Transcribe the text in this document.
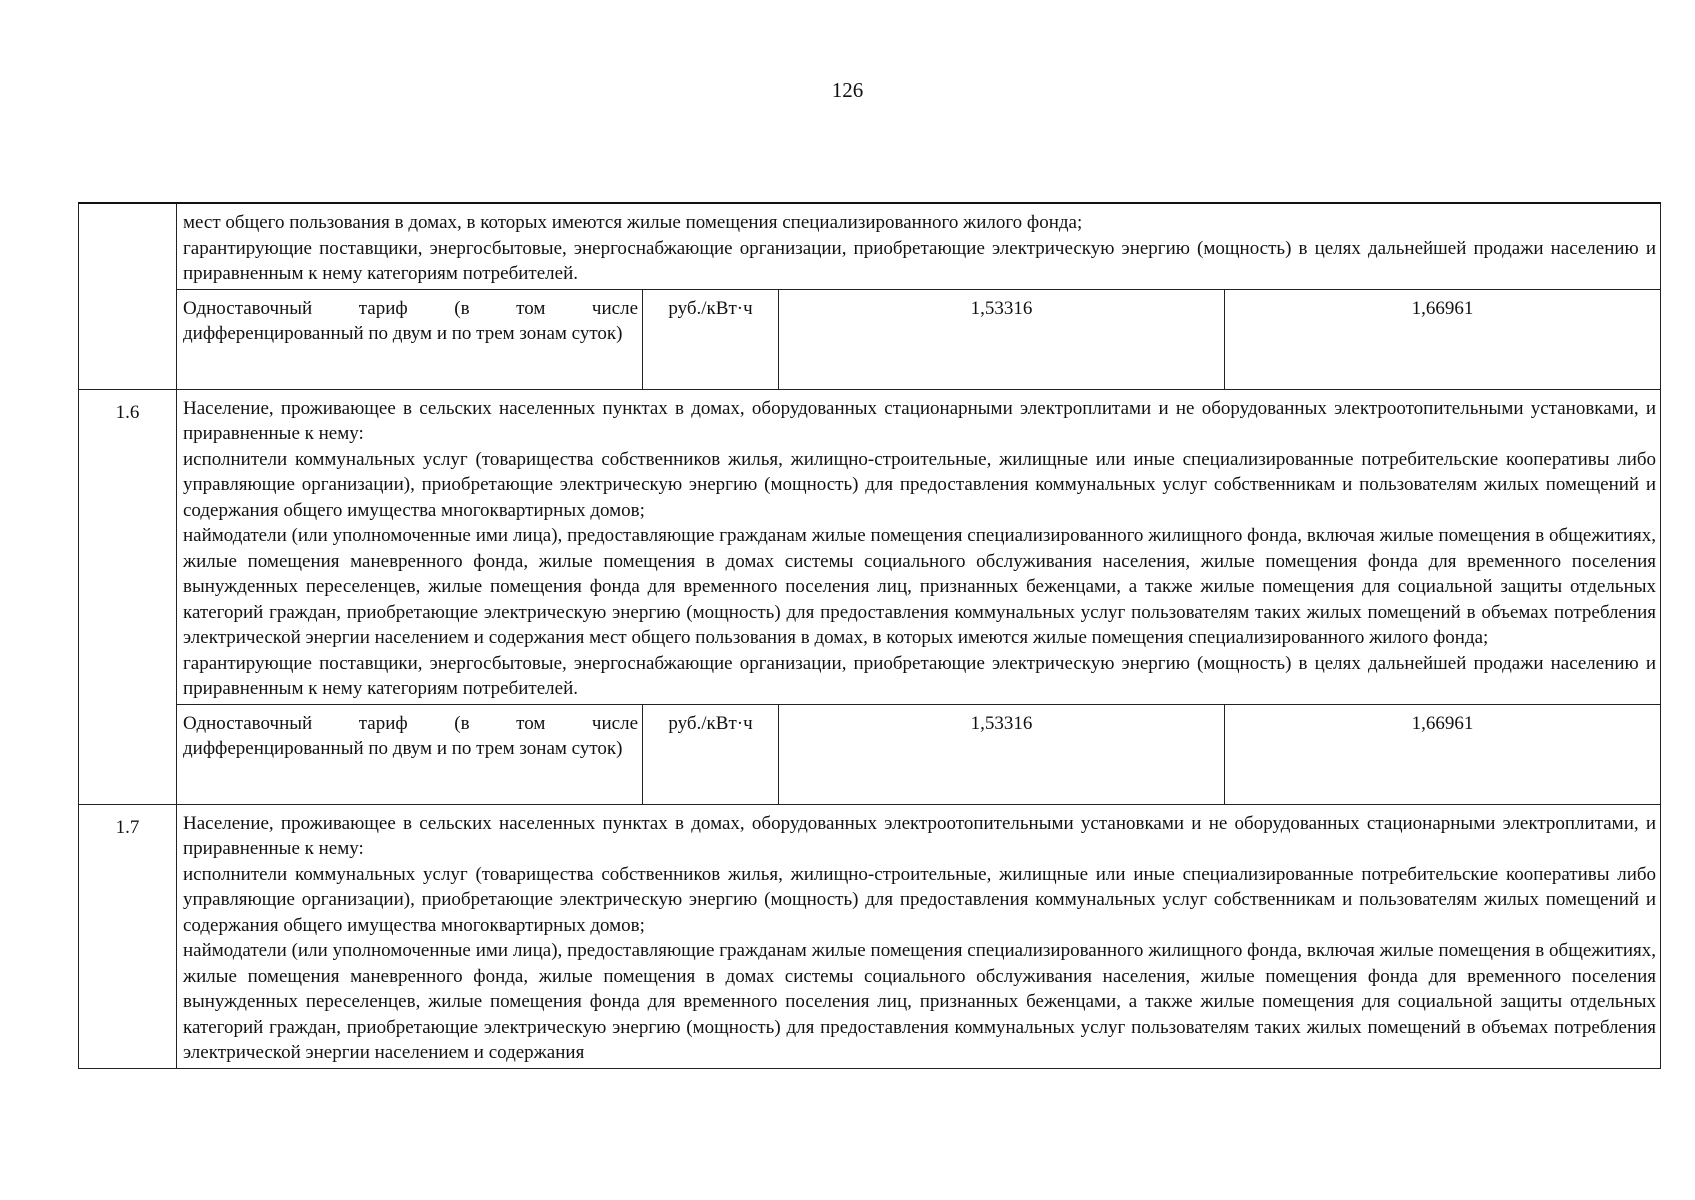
126

	мест общего пользования в домах, в которых имеются жилые помещения специализированного жилого фонда;

гарантирующие поставщики, энергосбытовые, энергоснабжающие организации, приобретающие электрическую энергию (мощность) в целях дальнейшей продажи населению и приравненным к нему категориям потребителей.			

	Одноставочный тариф (в том числе дифференцированный по двум и по трем зонам суток)	руб./кВт·ч	1,53316	1,66961
1.6	Население, проживающее в сельских населенных пунктах в домах, оборудованных стационарными электроплитами и не оборудованных электроотопительными установками, и приравненные к нему:

исполнители коммунальных услуг (товарищества собственников жилья, жилищно-строительные, жилищные или иные специализированные потребительские кооперативы либо управляющие организации), приобретающие электрическую энергию (мощность) для предоставления коммунальных услуг собственникам и пользователям жилых помещений и содержания общего имущества многоквартирных домов;

наймодатели (или уполномоченные ими лица), предоставляющие гражданам жилые помещения специализированного жилищного фонда, включая жилые помещения в общежитиях, жилые помещения маневренного фонда, жилые помещения в домах системы социального обслуживания населения, жилые помещения фонда для временного поселения вынужденных переселенцев, жилые помещения фонда для временного поселения лиц, признанных беженцами, а также жилые помещения для социальной защиты отдельных категорий граждан, приобретающие электрическую энергию (мощность) для предоставления коммунальных услуг пользователям таких жилых помещений в объемах потребления электрической энергии населением и содержания мест общего пользования в домах, в которых имеются жилые помещения специализированного жилого фонда;

гарантирующие поставщики, энергосбытовые, энергоснабжающие организации, приобретающие электрическую энергию (мощность) в целях дальнейшей продажи населению и приравненным к нему категориям потребителей.			

	Одноставочный тариф (в том числе дифференцированный по двум и по трем зонам суток)	руб./кВт·ч	1,53316	1,66961
1.7	Население, проживающее в сельских населенных пунктах в домах, оборудованных электроотопительными установками и не оборудованных стационарными электроплитами, и приравненные к нему:

исполнители коммунальных услуг (товарищества собственников жилья, жилищно-строительные, жилищные или иные специализированные потребительские кооперативы либо управляющие организации), приобретающие электрическую энергию (мощность) для предоставления коммунальных услуг собственникам и пользователям жилых помещений и содержания общего имущества многоквартирных домов;

наймодатели (или уполномоченные ими лица), предоставляющие гражданам жилые помещения специализированного жилищного фонда, включая жилые помещения в общежитиях, жилые помещения маневренного фонда, жилые помещения в домах системы социального обслуживания населения, жилые помещения фонда для временного поселения вынужденных переселенцев, жилые помещения фонда для временного поселения лиц, признанных беженцами, а также жилые помещения для социальной защиты отдельных категорий граждан, приобретающие электрическую энергию (мощность) для предоставления коммунальных услуг пользователям таких жилых помещений в объемах потребления электрической энергии населением и содержания			
